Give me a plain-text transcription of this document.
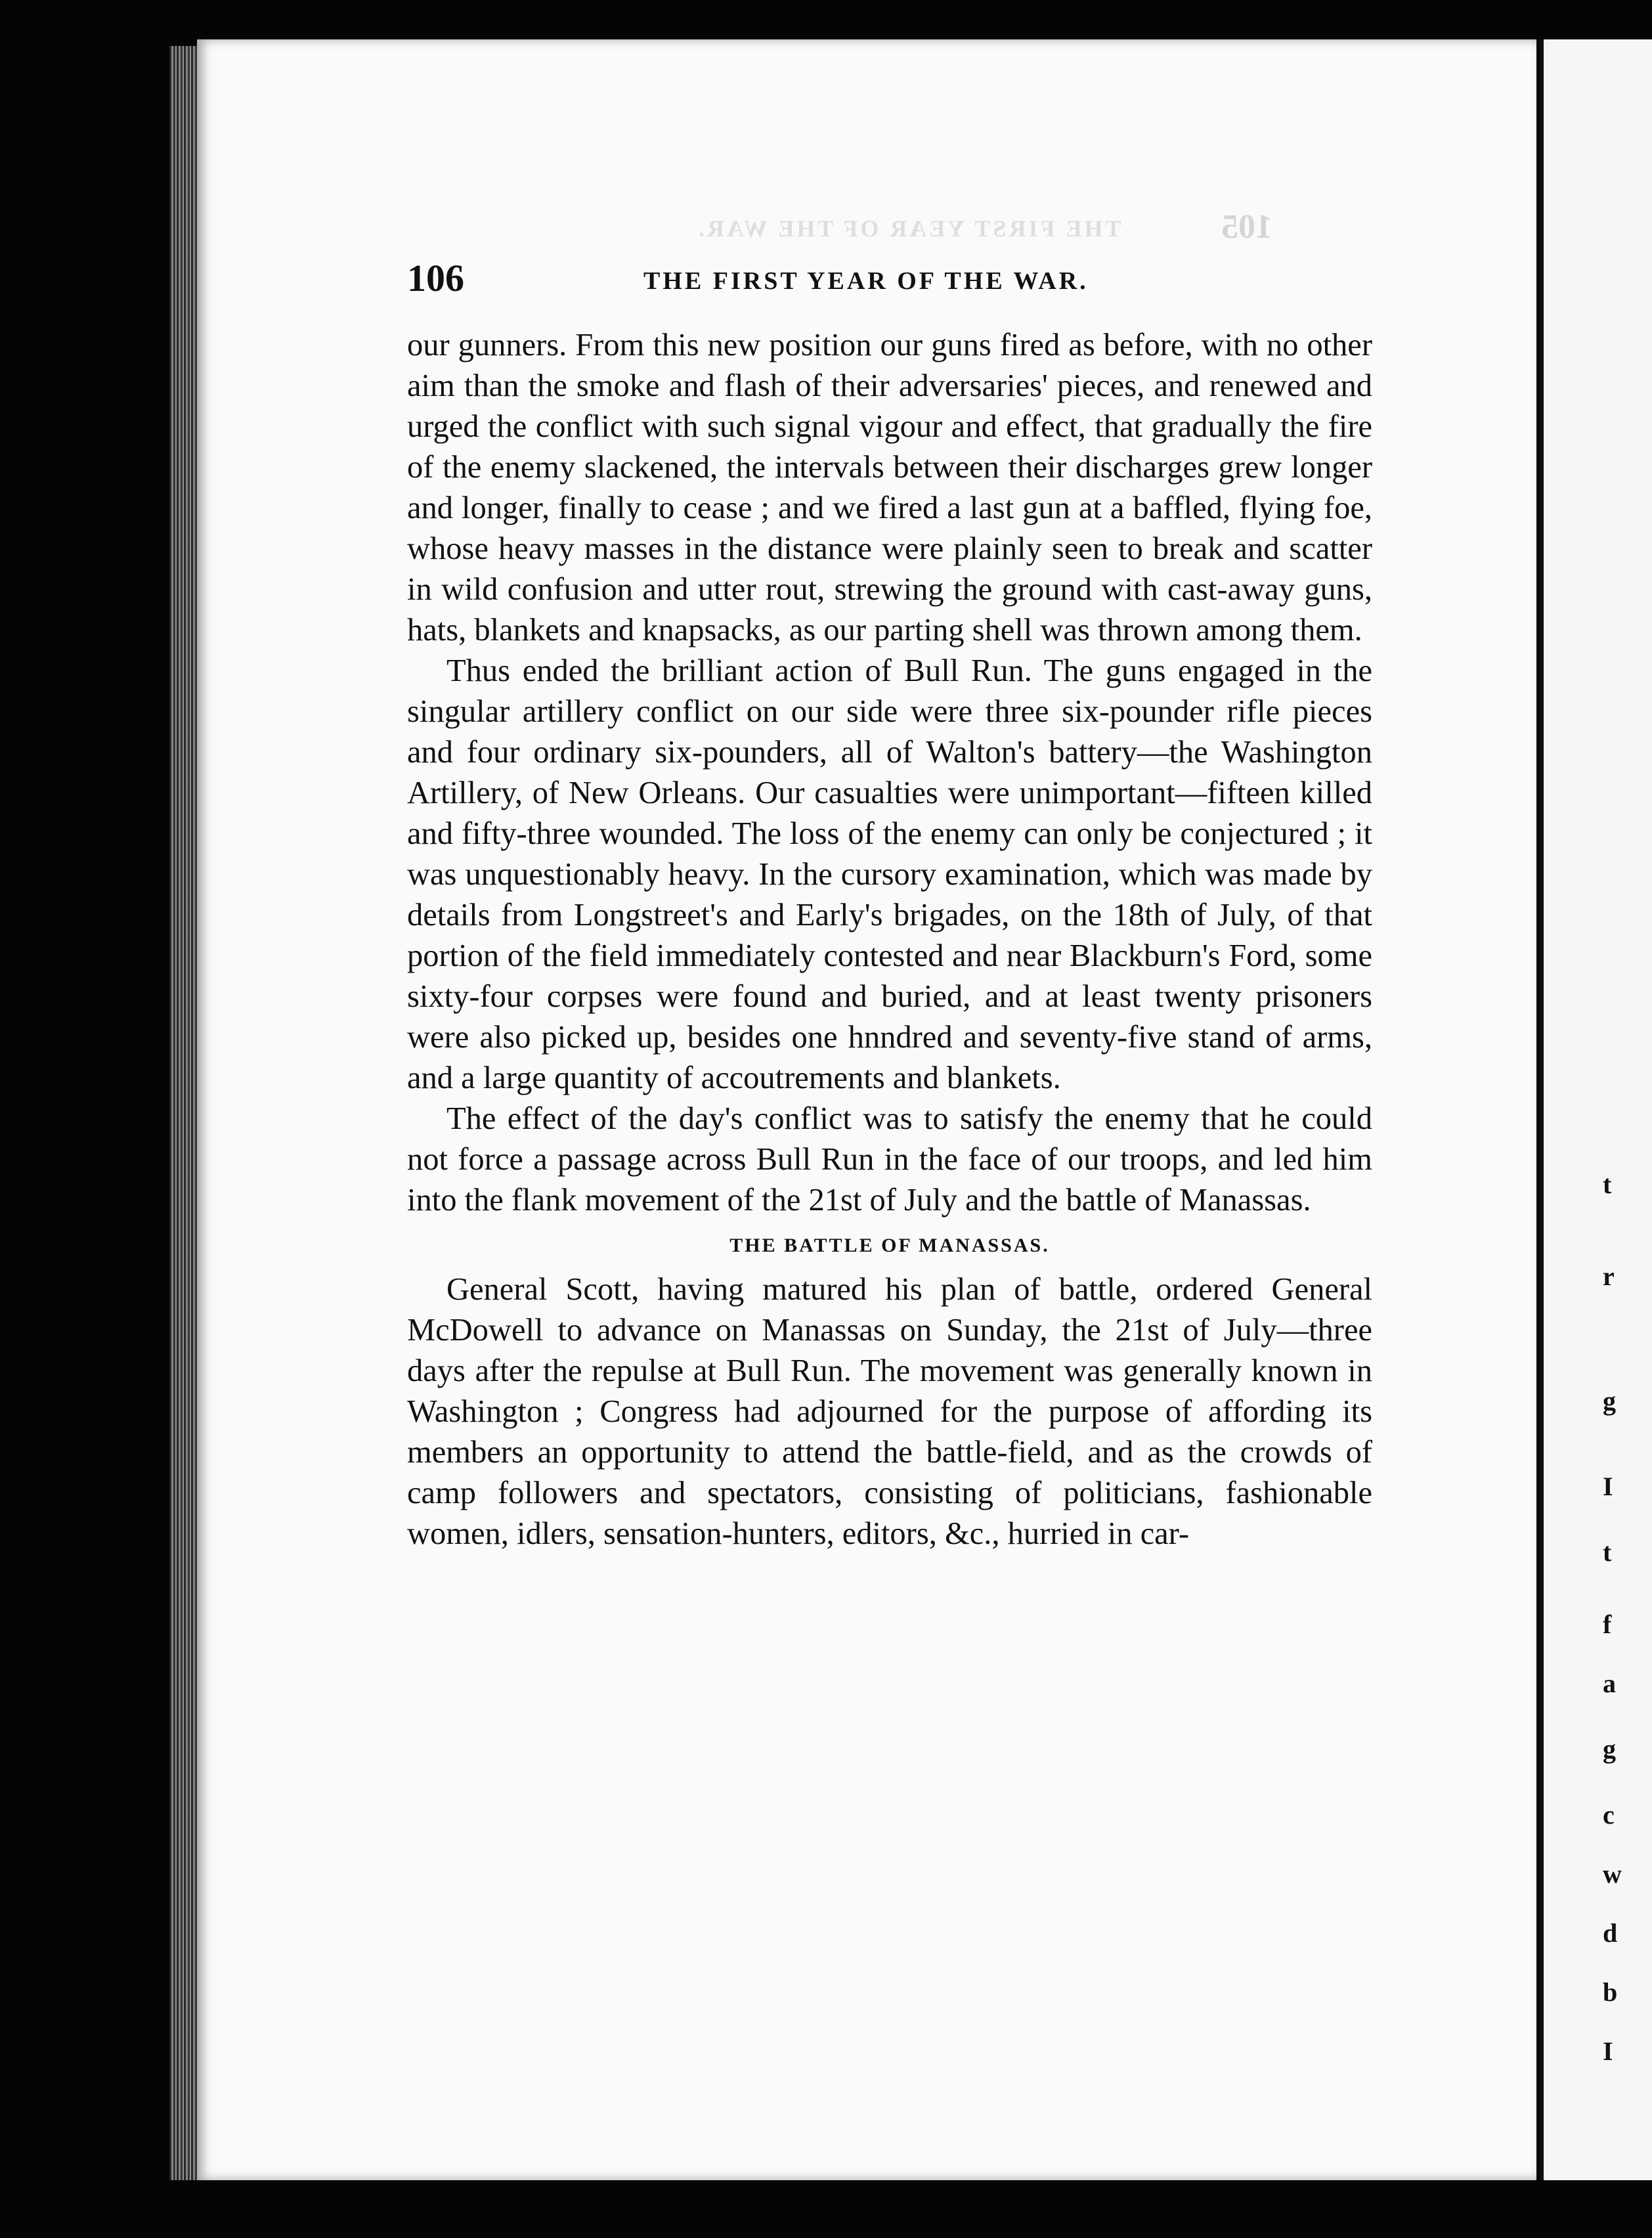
t
r
g
I
t
f
a
g
c
w
d
b
I
105
THE FIRST YEAR OF THE WAR.
106	THE FIRST YEAR OF THE WAR.

our gunners. From this new position our guns fired as before, with no other aim than the smoke and flash of their adversaries' pieces, and renewed and urged the conflict with such signal vigour and effect, that gradually the fire of the enemy slackened, the intervals between their discharges grew longer and longer, finally to cease ; and we fired a last gun at a baffled, flying foe, whose heavy masses in the distance were plainly seen to break and scatter in wild confusion and utter rout, strewing the ground with cast-away guns, hats, blankets and knapsacks, as our parting shell was thrown among them.

Thus ended the brilliant action of Bull Run. The guns engaged in the singular artillery conflict on our side were three six-pounder rifle pieces and four ordinary six-pounders, all of Walton's battery—the Washington Artillery, of New Orleans. Our casualties were unimportant—fifteen killed and fifty-three wounded. The loss of the enemy can only be conjectured ; it was unquestionably heavy. In the cursory examination, which was made by details from Longstreet's and Early's brigades, on the 18th of July, of that portion of the field immediately contested and near Blackburn's Ford, some sixty-four corpses were found and buried, and at least twenty prisoners were also picked up, besides one hnndred and seventy-five stand of arms, and a large quantity of accoutrements and blankets.

The effect of the day's conflict was to satisfy the enemy that he could not force a passage across Bull Run in the face of our troops, and led him into the flank movement of the 21st of July and the battle of Manassas.

THE BATTLE OF MANASSAS.

General Scott, having matured his plan of battle, ordered General McDowell to advance on Manassas on Sunday, the 21st of July—three days after the repulse at Bull Run. The movement was generally known in Washington ; Congress had adjourned for the purpose of affording its members an opportunity to attend the battle-field, and as the crowds of camp followers and spectators, consisting of politicians, fashionable women, idlers, sensation-hunters, editors, &c., hurried in car-
